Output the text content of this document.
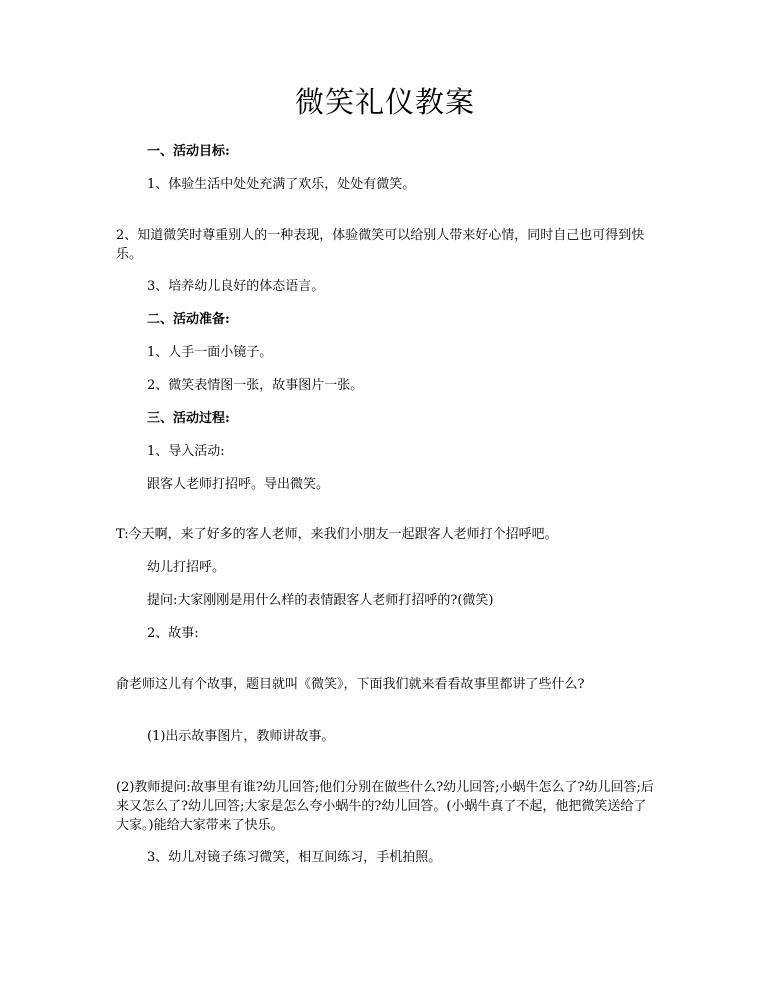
微笑礼仪教案

一、活动目标:

1、体验生活中处处充满了欢乐，处处有微笑。

2、知道微笑时尊重别人的一种表现，体验微笑可以给别人带来好心情，同时自己也可得到快乐。

3、培养幼儿良好的体态语言。

二、活动准备:

1、人手一面小镜子。

2、微笑表情图一张，故事图片一张。

三、活动过程:

1、导入活动:

跟客人老师打招呼。导出微笑。

T:今天啊，来了好多的客人老师，来我们小朋友一起跟客人老师打个招呼吧。

幼儿打招呼。

提问:大家刚刚是用什么样的表情跟客人老师打招呼的?(微笑)

2、故事:

俞老师这儿有个故事，题目就叫《微笑》，下面我们就来看看故事里都讲了些什么?

(1)出示故事图片，教师讲故事。

(2)教师提问:故事里有谁?幼儿回答;他们分别在做些什么?幼儿回答;小蜗牛怎么了?幼儿回答;后来又怎么了?幼儿回答;大家是怎么夸小蜗牛的?幼儿回答。(小蜗牛真了不起，他把微笑送给了大家。)能给大家带来了快乐。

3、幼儿对镜子练习微笑，相互间练习，手机拍照。
